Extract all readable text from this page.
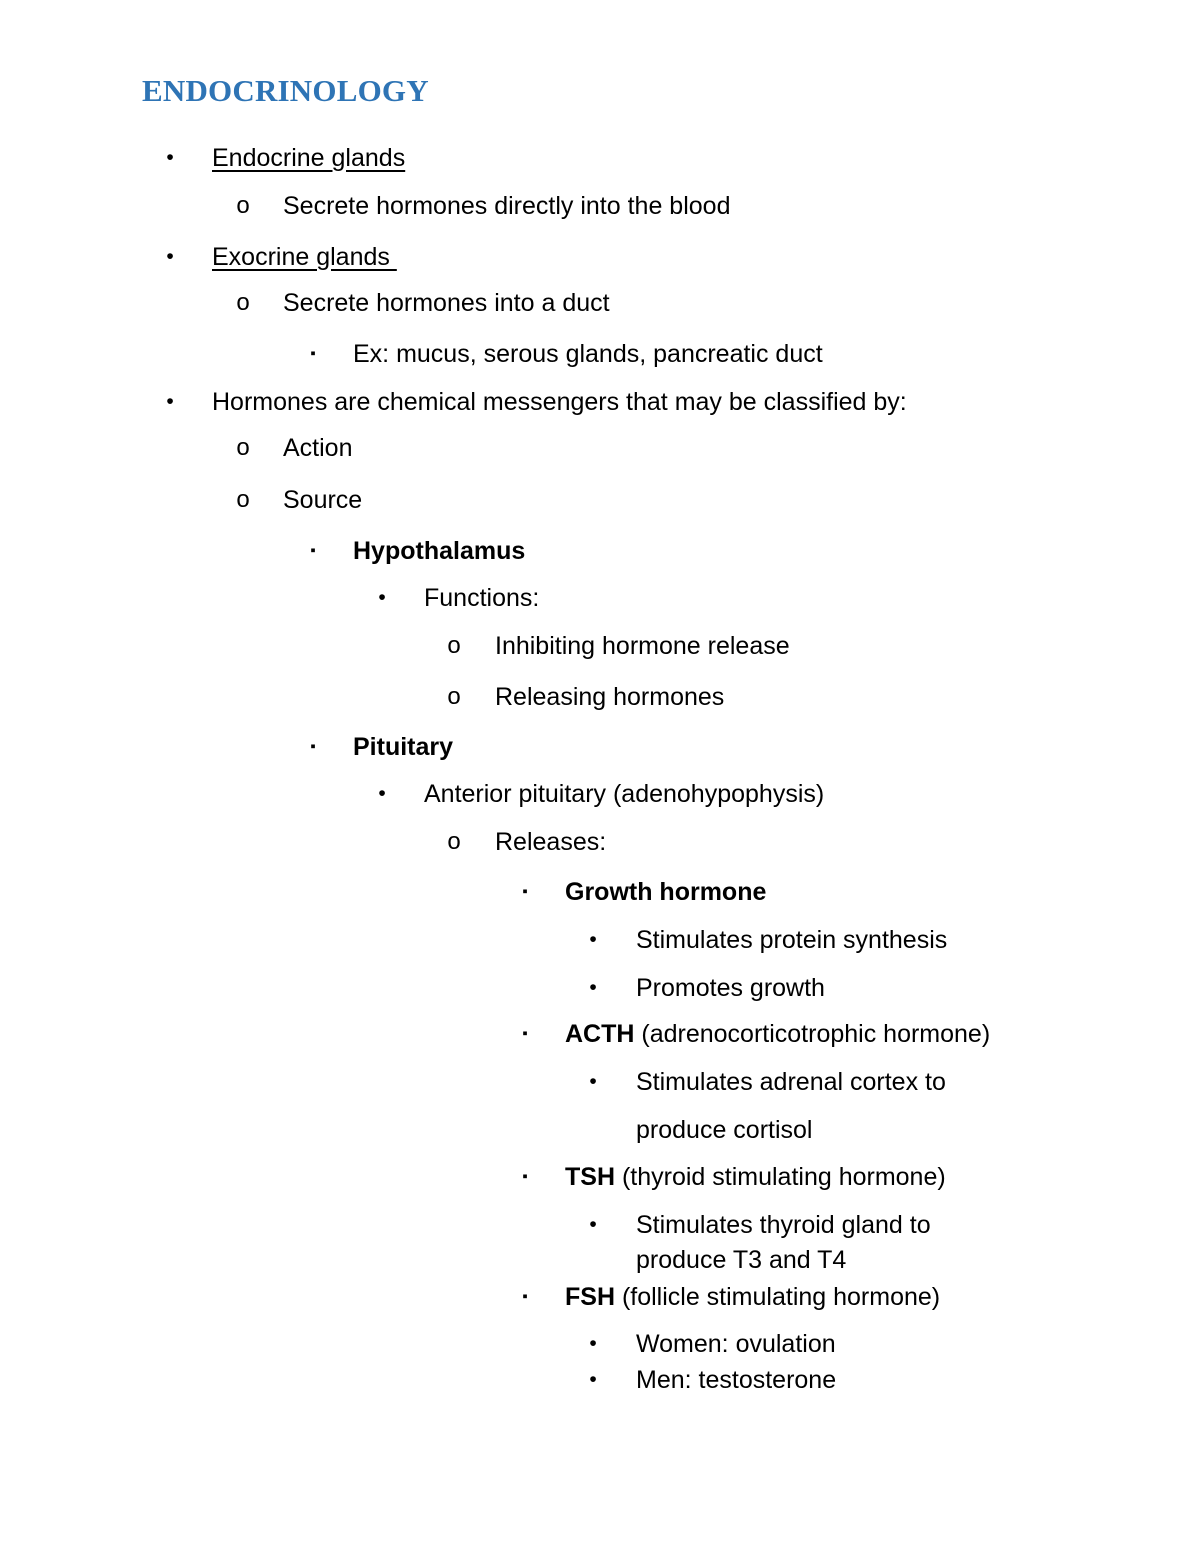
ENDOCRINOLOGY
•	Endocrine glands
o Secrete hormones directly into the blood
•	Exocrine glands
o Secrete hormones into a duct
▪	Ex: mucus, serous glands, pancreatic duct
•	Hormones are chemical messengers that may be classified by:
o Action
o Source
▪	Hypothalamus
•	Functions:
o Inhibiting hormone release
o Releasing hormones
▪	Pituitary
•	Anterior pituitary (adenohypophysis)
o Releases:
▪	Growth hormone
•	Stimulates protein synthesis
•	Promotes growth
▪	ACTH (adrenocorticotrophic hormone)
•	Stimulates adrenal cortex to
produce cortisol
▪	TSH (thyroid stimulating hormone)
•	Stimulates thyroid gland to
produce T3 and T4
▪	FSH (follicle stimulating hormone)
•	Women: ovulation
•	Men: testosterone
